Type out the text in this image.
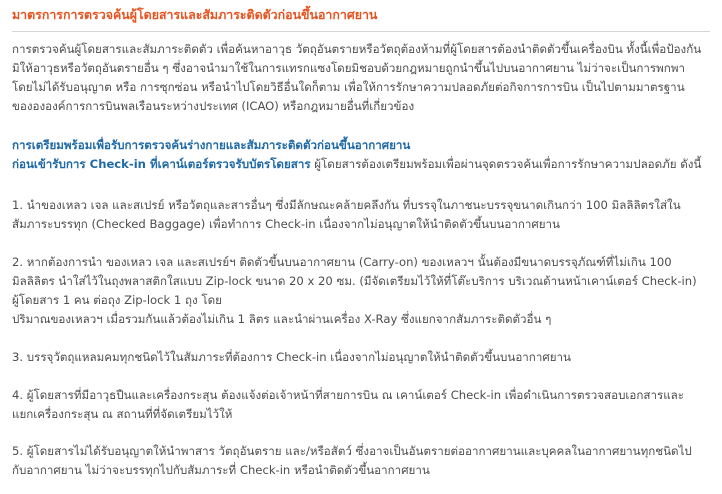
มาตรการการตรวจค้นผู้โดยสารและสัมภาระติดตัวก่อนขึ้นอากาศยาน

การตรวจค้นผู้โดยสารและสัมภาระติดตัว เพื่อค้นหาอาวุธ วัตถุอันตรายหรือวัตถุต้องห้ามที่ผู้โดยสารต้องนำติดตัวขึ้นเครื่องบิน ทั้งนี้เพื่อป้องกันมิให้อาวุธหรือวัตถุอันตรายอื่น ๆ ซึ่งอาจนำมาใช้ในการแทรกแซงโดยมิชอบด้วยกฎหมายถูกนำขึ้นไปบนอากาศยาน ไม่ว่าจะเป็นการพกพาโดยไม่ได้รับอนุญาต หรือ การซุกซ่อน หรือนำไปโดยวิธีอื่นใดก็ตาม เพื่อให้การรักษาความปลอดภัยต่อกิจการการบิน เป็นไปตามมาตรฐานของององค์การการบินพลเรือนระหว่างประเทศ (ICAO) หรือกฎหมายอื่นที่เกี่ยวข้อง

การเตรียมพร้อมเพื่อรับการตรวจค้นร่างกายและสัมภาระติดตัวก่อนขึ้นอากาศยาน
ก่อนเข้ารับการ Check-in ที่เคาน์เตอร์ตรวจรับบัตรโดยสาร ผู้โดยสารต้องเตรียมพร้อมเพื่อผ่านจุดตรวจค้นเพื่อการรักษาความปลอดภัย ดังนี้

1. นำของเหลว เจล และสเปรย์ หรือวัตถุและสารอื่นๆ ซึ่งมีลักษณะคล้ายคลึงกัน ที่บรรจุในภาชนะบรรจุขนาดเกินกว่า 100 มิลลิลิตรใส่ในสัมภาระบรรทุก (Checked Baggage) เพื่อทำการ Check-in เนื่องจากไม่อนุญาตให้นำติดตัวขึ้นบนอากาศยาน

2. หากต้องการนำ ของเหลว เจล และสเปรย์ฯ ติดตัวขึ้นบนอากาศยาน (Carry-on) ของเหลวฯ นั้นต้องมีขนาดบรรจุภัณฑ์ที่ไม่เกิน 100 มิลลิลิตร นำใส่ไว้ในถุงพลาสติกใสแบบ Zip-lock ขนาด 20 x 20 ซม. (มีจัดเตรียมไว้ให้ที่โต๊ะบริการ บริเวณด้านหน้าเคาน์เตอร์ Check-in) ผู้โดยสาร 1 คน ต่อถุง Zip-lock 1 ถุง โดย

ปริมาณของเหลวฯ เมื่อรวมกันแล้วต้องไม่เกิน 1 ลิตร และนำผ่านเครื่อง X-Ray ซึ่งแยกจากสัมภาระติดตัวอื่น ๆ

3. บรรจุวัตถุแหลมคมทุกชนิดไว้ในสัมภาระที่ต้องการ Check-in เนื่องจากไม่อนุญาตให้นำติดตัวขึ้นบนอากาศยาน

4. ผู้โดยสารที่มีอาวุธปืนและเครื่องกระสุน ต้องแจ้งต่อเจ้าหน้าที่สายการบิน ณ เคาน์เตอร์ Check-in เพื่อดำเนินการตรวจสอบเอกสารและแยกเครื่องกระสุน ณ สถานที่ที่จัดเตรียมไว้ให้

5. ผู้โดยสารไม่ได้รับอนุญาตให้นำพาสาร วัตถุอันตราย และ/หรือสัตว์ ซึ่งอาจเป็นอันตรายต่ออากาศยานและบุคคลในอากาศยานทุกชนิดไปกับอากาศยาน ไม่ว่าจะบรรทุกไปกับสัมภาระที่ Check-in หรือนำติดตัวขึ้นอากาศยาน
